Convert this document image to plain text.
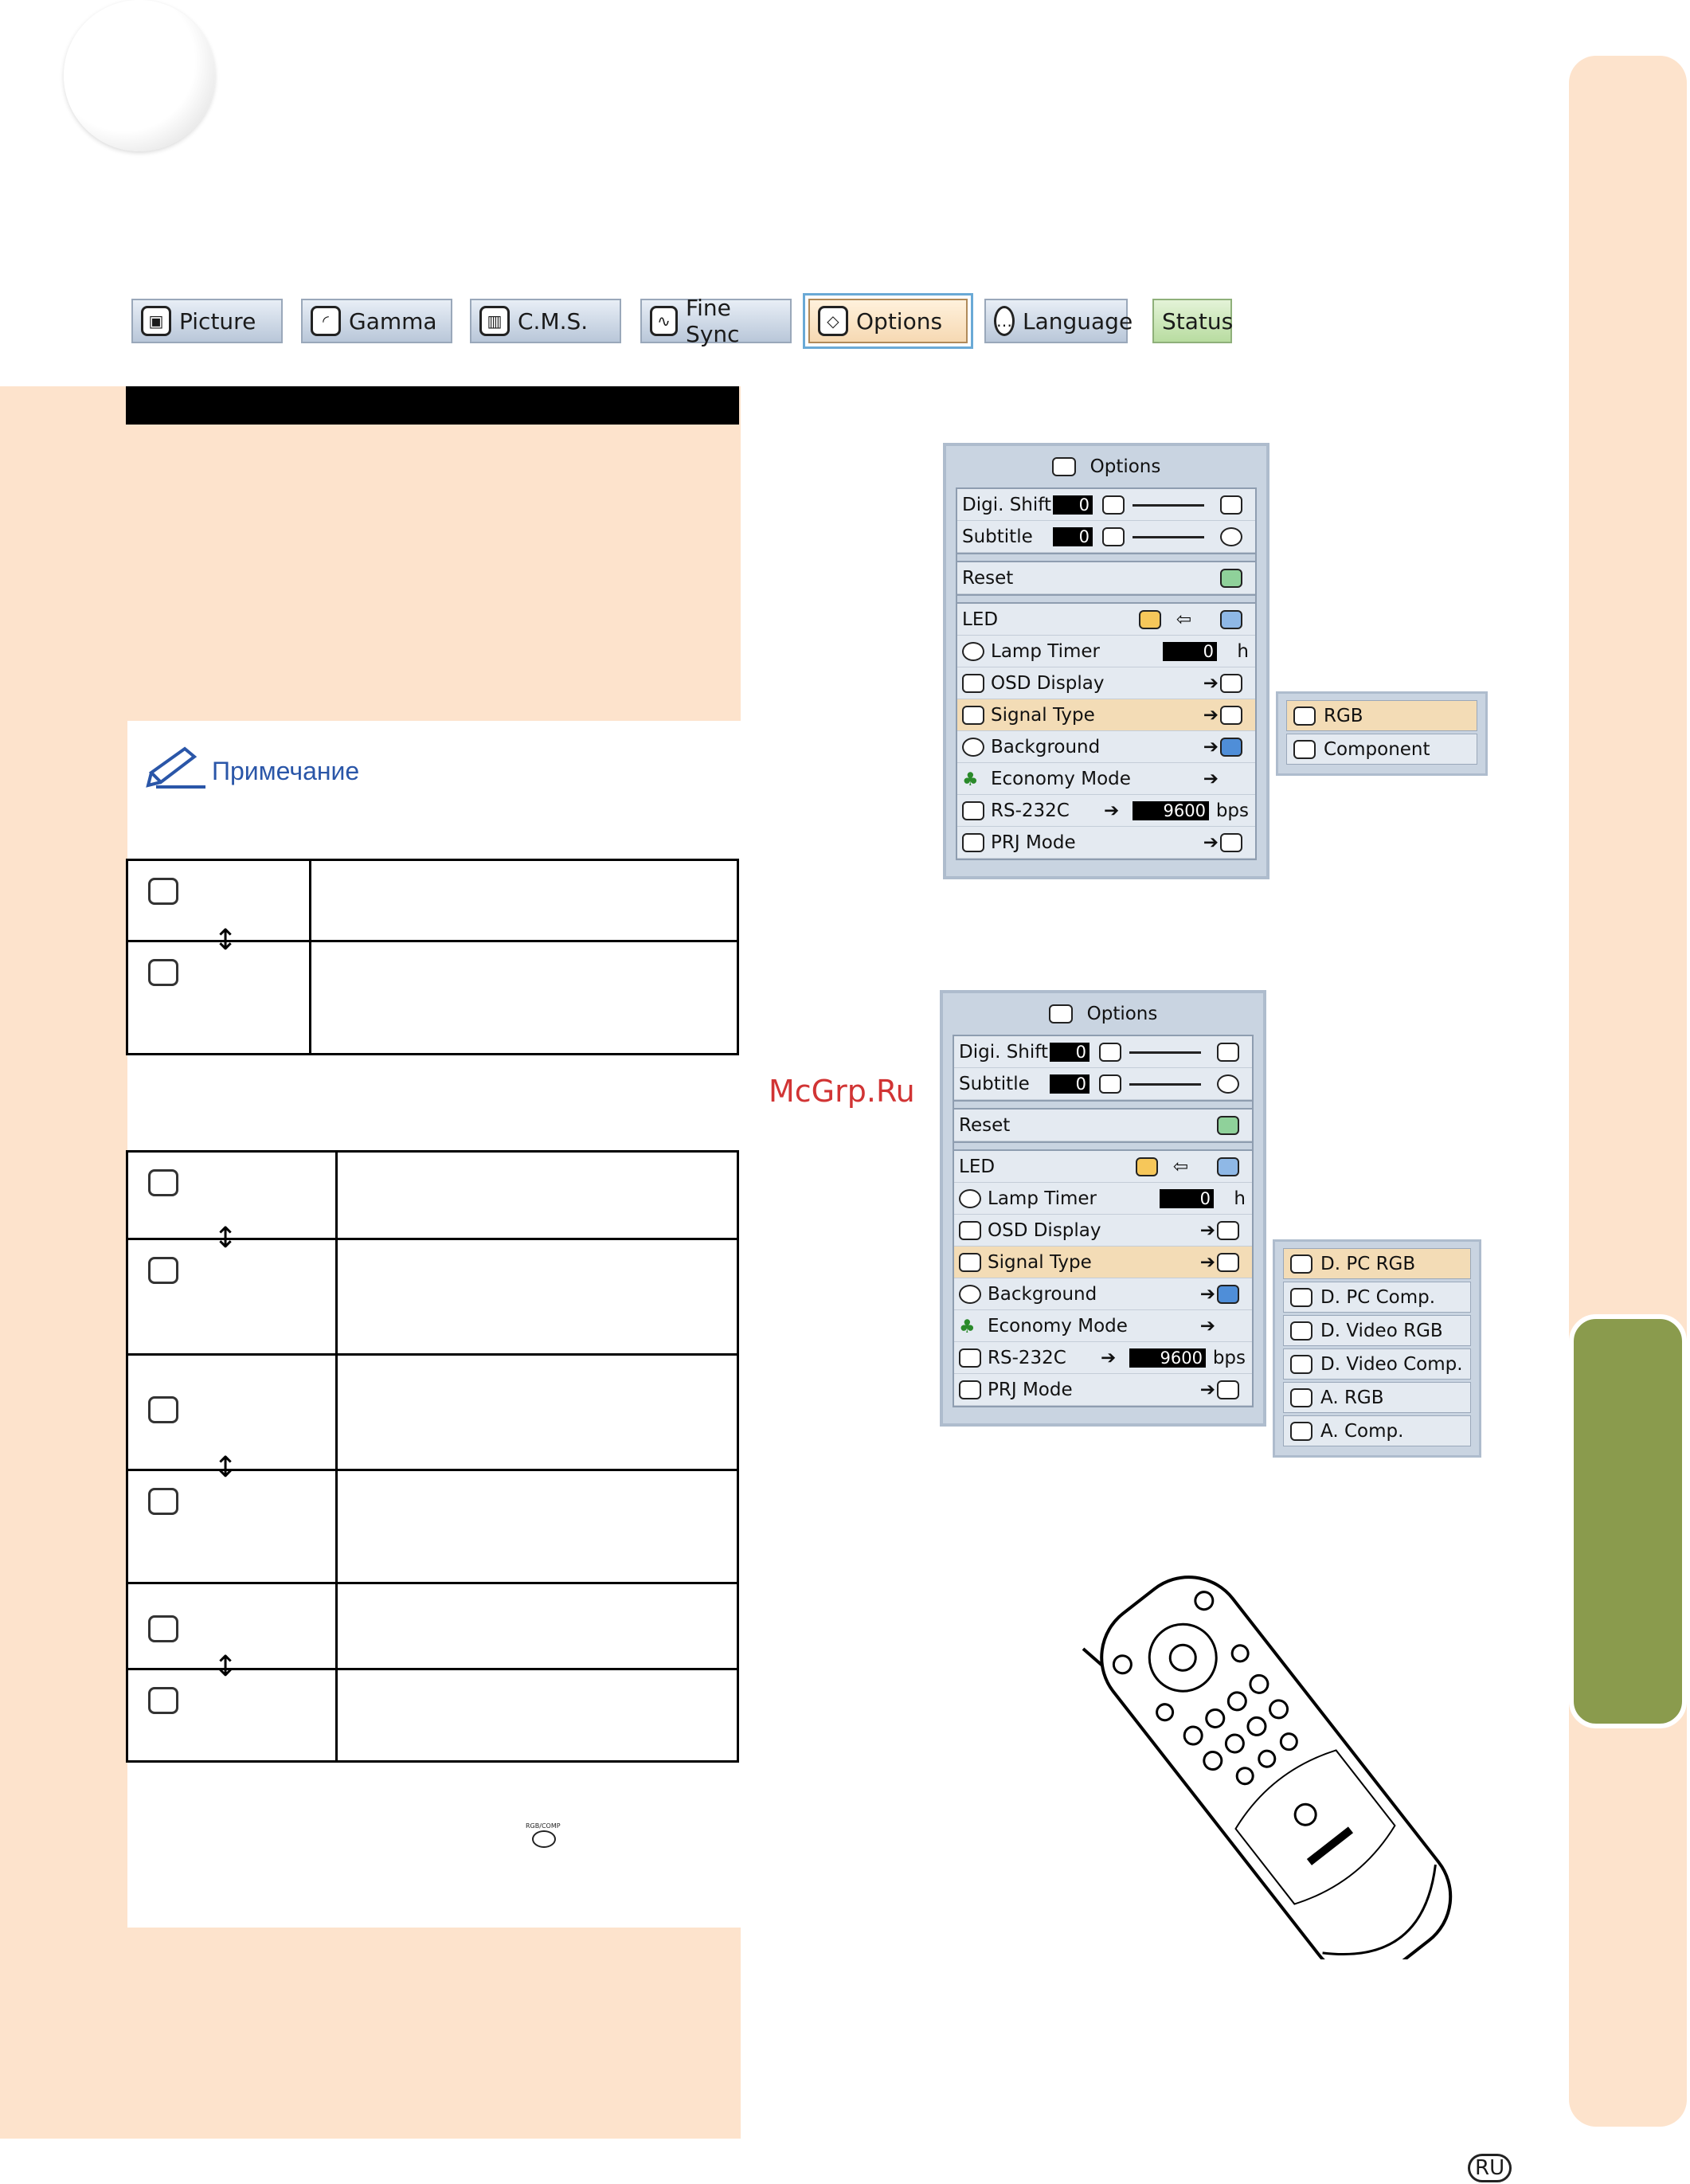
▣ Picture	◜ Gamma	▥ C.M.S.	∿ Fine Sync	◇ Options	… Language Status
Примечание

↕

↕
↕
↕
RGB/COMP
McGrp.Ru
Options
Digi. Shift	0
Subtitle	0
Reset
LED	⇦
Lamp Timer	0 h
OSD Display	➔
Signal Type	➔
Background	➔
♣ Economy Mode	➔
RS-232C ➔	9600 bps
PRJ Mode	➔
RGB
Component
Options
Digi. Shift	0
Subtitle	0
Reset
LED	⇦
Lamp Timer	0 h
OSD Display	➔
Signal Type	➔
Background	➔
♣ Economy Mode	➔
RS-232C ➔	9600 bps
PRJ Mode	➔
D. PC RGB
D. PC Comp.
D. Video RGB
D. Video Comp.
A. RGB
A. Comp.
RU
